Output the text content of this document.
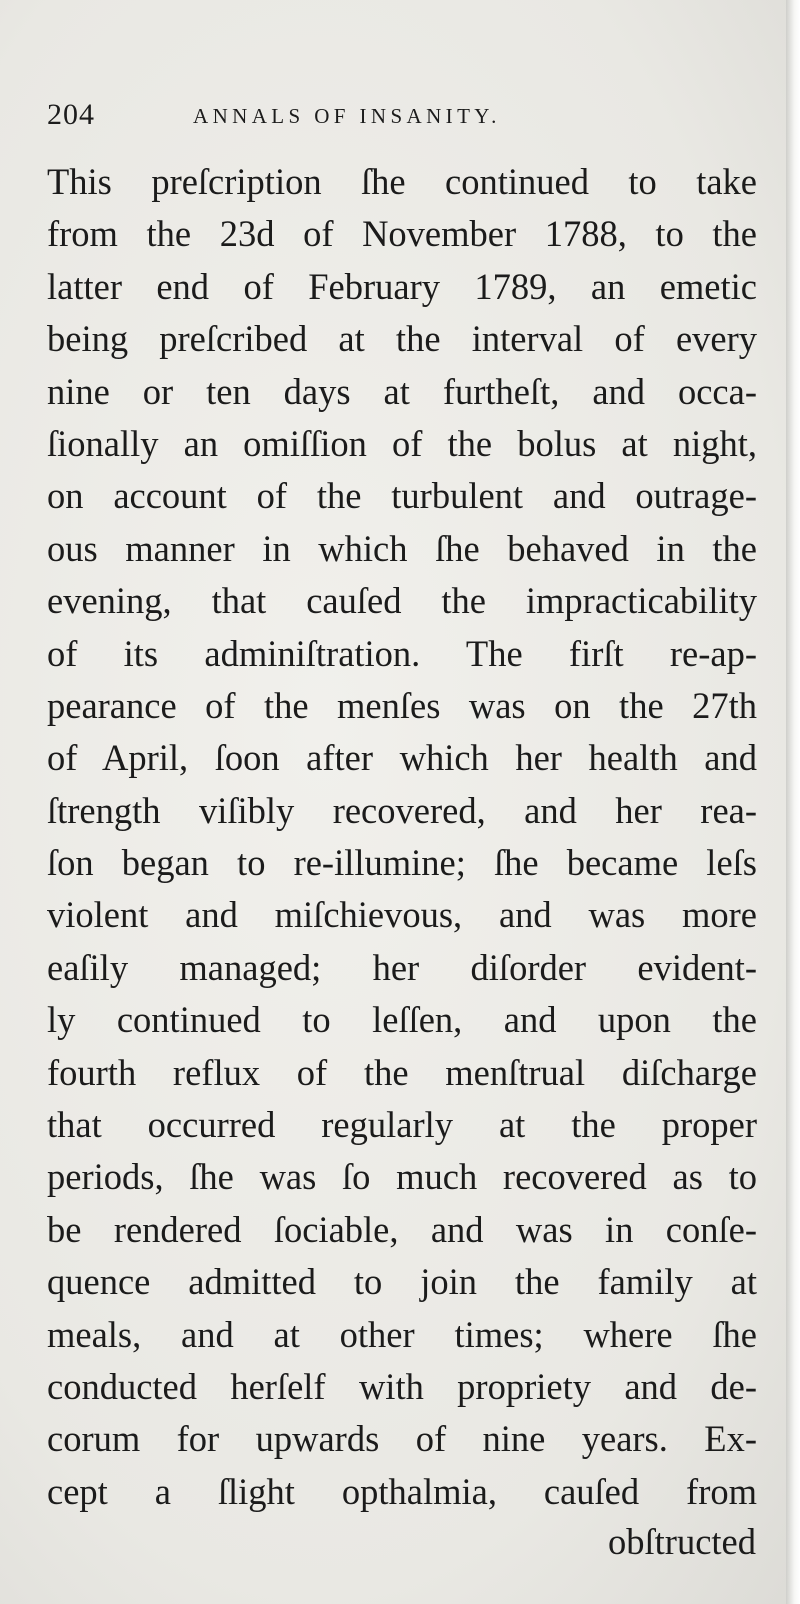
204	ANNALS OF INSANITY.
This preſcription ſhe continued to take
from the 23d of November 1788, to the
latter end of February 1789, an emetic
being preſcribed at the interval of every
nine or ten days at furtheſt, and occa-
ſionally an omiſſion of the bolus at night,
on account of the turbulent and outrage-
ous manner in which ſhe behaved in the
evening, that cauſed the impracticability
of its adminiſtration. The firſt re-ap-
pearance of the menſes was on the 27th
of April, ſoon after which her health and
ſtrength viſibly recovered, and her rea-
ſon began to re-illumine; ſhe became leſs
violent and miſchievous, and was more
eaſily managed; her diſorder evident-
ly continued to leſſen, and upon the
fourth reflux of the menſtrual diſcharge
that occurred regularly at the proper
periods, ſhe was ſo much recovered as to
be rendered ſociable, and was in conſe-
quence admitted to join the family at
meals, and at other times; where ſhe
conducted herſelf with propriety and de-
corum for upwards of nine years. Ex-
cept a ſlight opthalmia, cauſed from
obſtructed
